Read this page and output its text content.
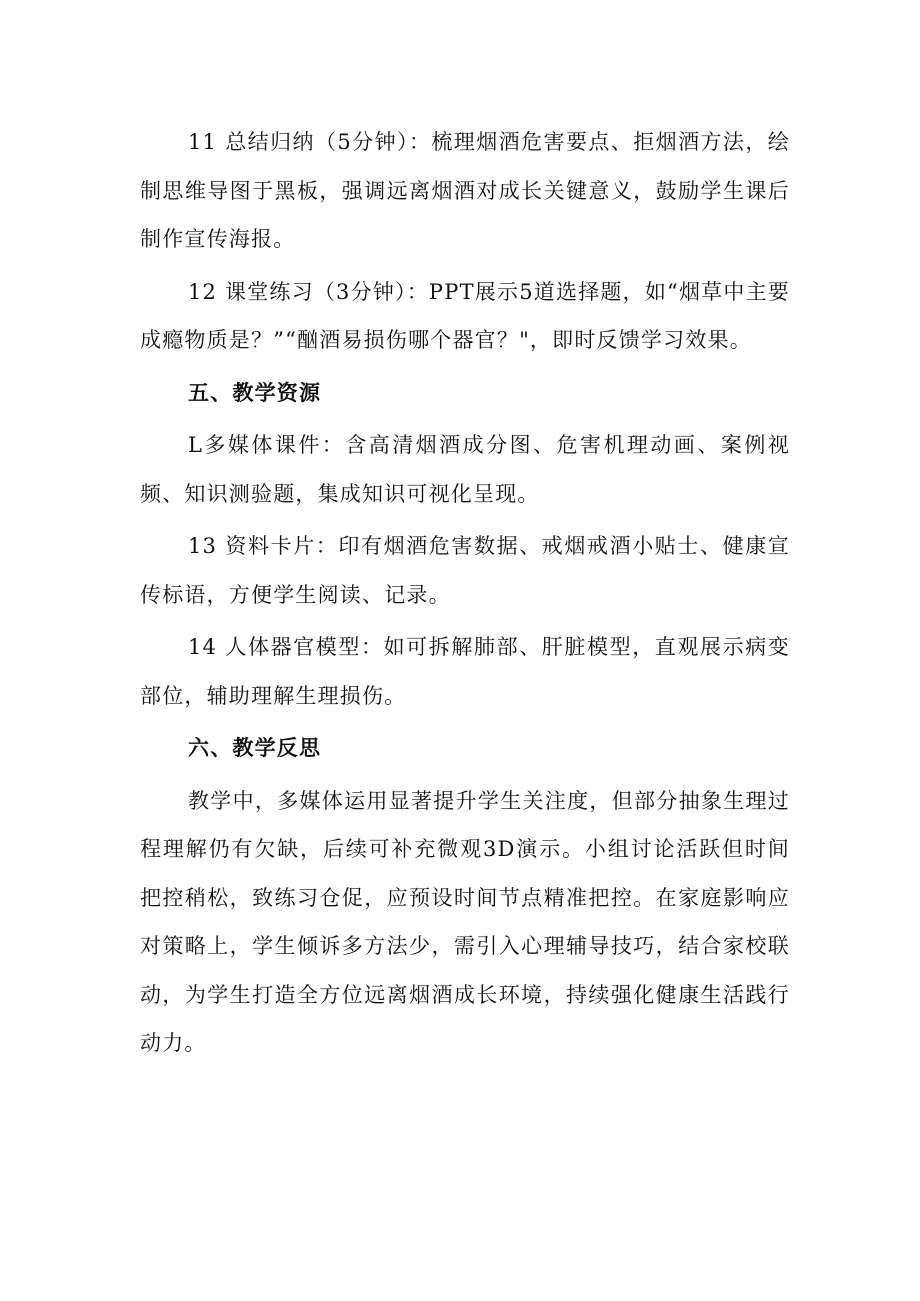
11 总结归纳（5分钟）：梳理烟酒危害要点、拒烟酒方法，绘制思维导图于黑板，强调远离烟酒对成长关键意义，鼓励学生课后制作宣传海报。

12 课堂练习（3分钟）：PPT展示5道选择题，如“烟草中主要成瘾物质是？”“酗酒易损伤哪个器官？"，即时反馈学习效果。

五、教学资源

L多媒体课件：含高清烟酒成分图、危害机理动画、案例视频、知识测验题，集成知识可视化呈现。

13 资料卡片：印有烟酒危害数据、戒烟戒酒小贴士、健康宣传标语，方便学生阅读、记录。

14 人体器官模型：如可拆解肺部、肝脏模型，直观展示病变部位，辅助理解生理损伤。

六、教学反思

教学中，多媒体运用显著提升学生关注度，但部分抽象生理过程理解仍有欠缺，后续可补充微观3D演示。小组讨论活跃但时间把控稍松，致练习仓促，应预设时间节点精准把控。在家庭影响应对策略上，学生倾诉多方法少，需引入心理辅导技巧，结合家校联动，为学生打造全方位远离烟酒成长环境，持续强化健康生活践行动力。
